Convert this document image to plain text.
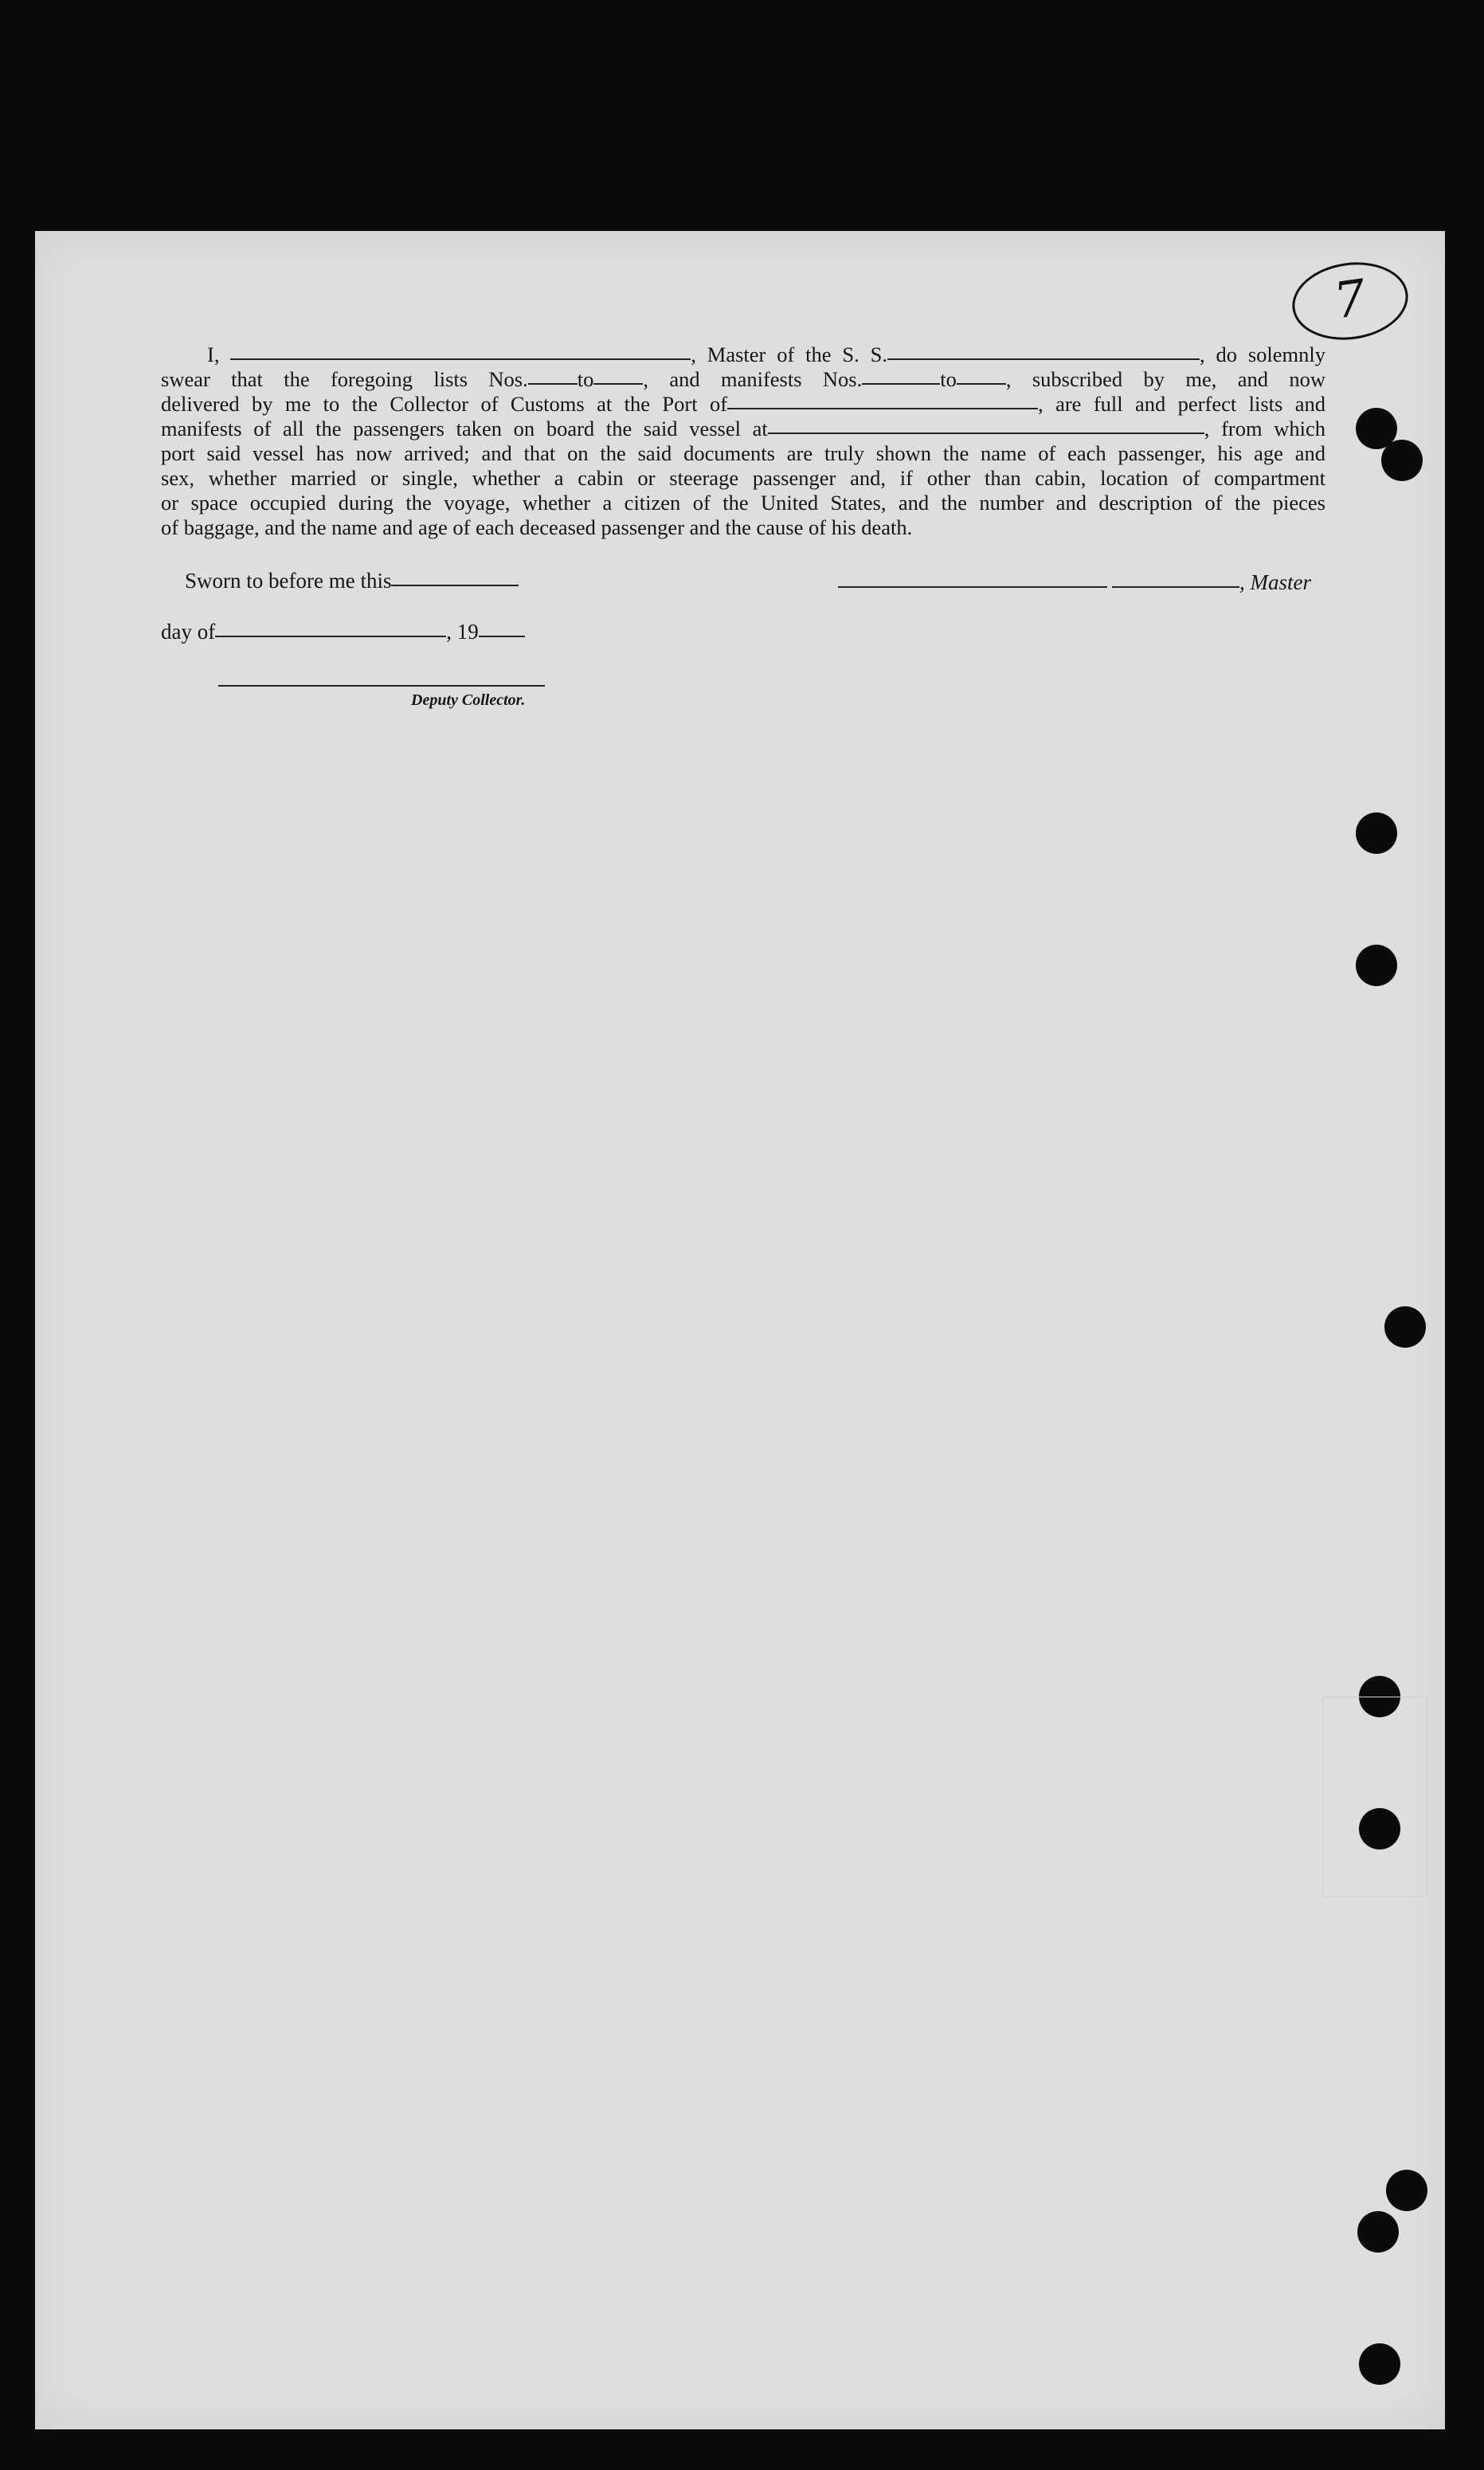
7
I,	, Master of the S. S.	, do solemnly
swear that the foregoing lists Nos. to , and manifests Nos.	to , subscribed by me, and now
delivered by me to the Collector of Customs at the Port of	, are full and perfect lists and
manifests of all the passengers taken on board the said vessel at	, from which
port said vessel has now arrived; and that on the said documents are truly shown the name of each passenger, his age and
sex, whether married or single, whether a cabin or steerage passenger and, if other than cabin, location of compartment
or space occupied during the voyage, whether a citizen of the United States, and the number and description of the pieces
of baggage, and the name and age of each deceased passenger and the cause of his death.
Sworn to before me this
day of	, 19
, Master
Deputy Collector.
